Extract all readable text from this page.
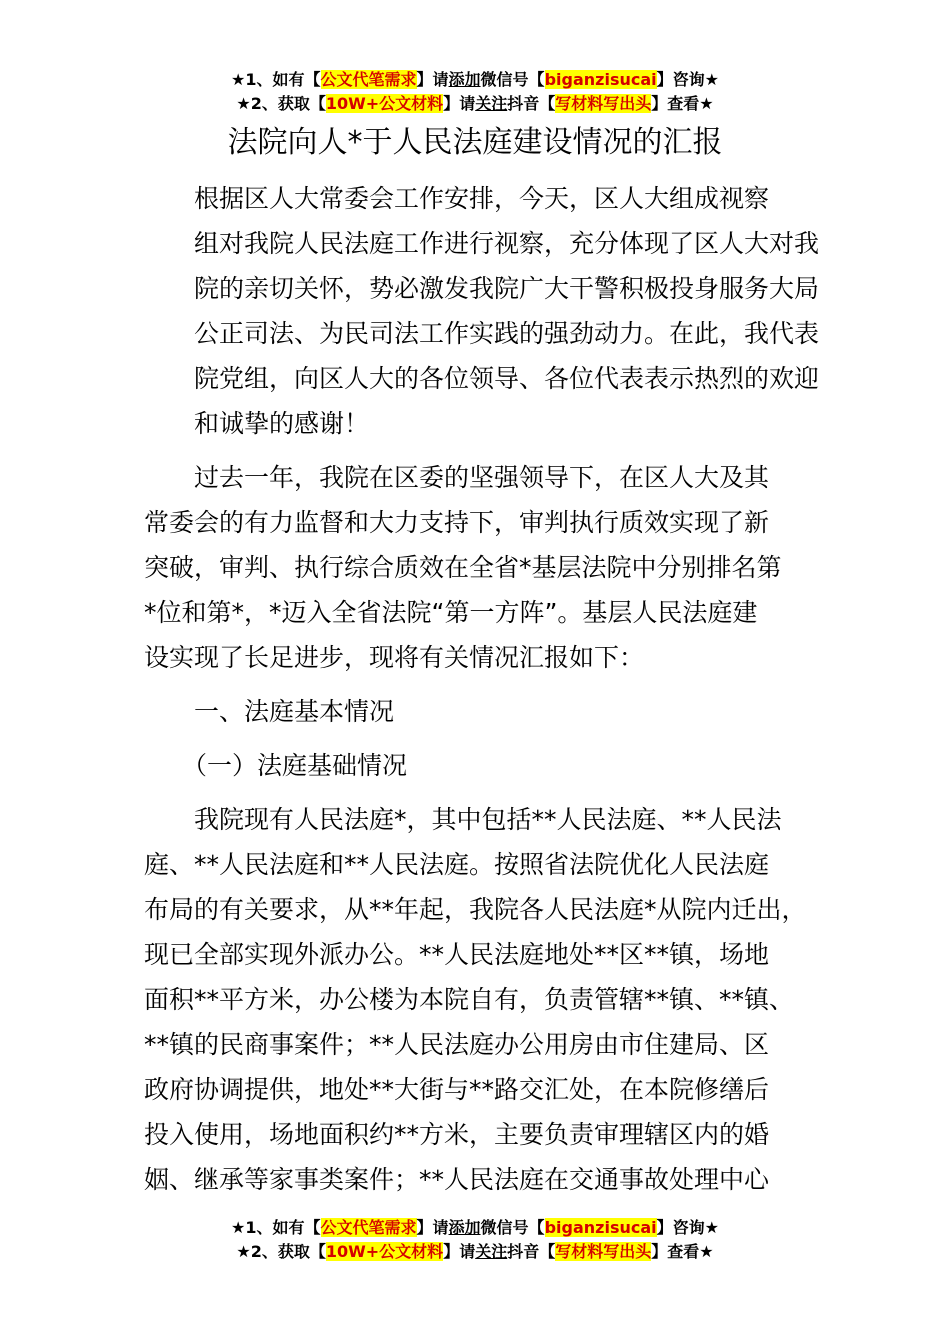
★1、如有【公文代笔需求】请添加微信号【biganzisucai】咨询★
★2、获取【10W+公文材料】请关注抖音【写材料写出头】查看★
法院向人*于人民法庭建设情况的汇报

根据区人大常委会工作安排，今天，区人大组成视察
组对我院人民法庭工作进行视察，充分体现了区人大对我
院的亲切关怀，势必激发我院广大干警积极投身服务大局
公正司法、为民司法工作实践的强劲动力。在此，我代表
院党组，向区人大的各位领导、各位代表表示热烈的欢迎
和诚挚的感谢！

过去一年，我院在区委的坚强领导下，在区人大及其
常委会的有力监督和大力支持下，审判执行质效实现了新
突破，审判、执行综合质效在全省*基层法院中分别排名第
*位和第*，*迈入全省法院“第一方阵”。基层人民法庭建
设实现了长足进步，现将有关情况汇报如下：

一、法庭基本情况

（一）法庭基础情况

我院现有人民法庭*，其中包括**人民法庭、**人民法
庭、**人民法庭和**人民法庭。按照省法院优化人民法庭
布局的有关要求，从**年起，我院各人民法庭*从院内迁出，
现已全部实现外派办公。**人民法庭地处**区**镇，场地
面积**平方米，办公楼为本院自有，负责管辖**镇、**镇、
**镇的民商事案件；**人民法庭办公用房由市住建局、区
政府协调提供，地处**大街与**路交汇处，在本院修缮后
投入使用，场地面积约**方米，主要负责审理辖区内的婚
姻、继承等家事类案件；**人民法庭在交通事故处理中心

★1、如有【公文代笔需求】请添加微信号【biganzisucai】咨询★
★2、获取【10W+公文材料】请关注抖音【写材料写出头】查看★
